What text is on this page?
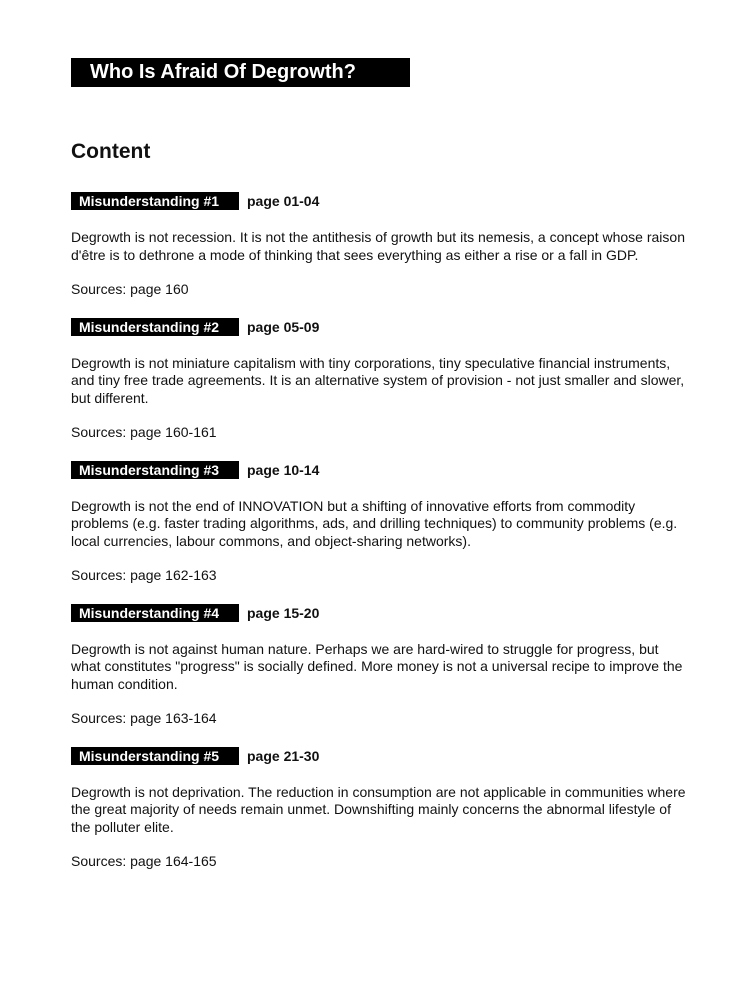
Who Is Afraid Of Degrowth?
Content
Misunderstanding #1 page 01-04

Degrowth is not recession. It is not the antithesis of growth but its nemesis, a concept whose raison d'être is to dethrone a mode of thinking that sees everything as either a rise or a fall in GDP.

Sources: page 160

Misunderstanding #2 page 05-09

Degrowth is not miniature capitalism with tiny corporations, tiny speculative financial instruments, and tiny free trade agreements. It is an alternative system of provision - not just smaller and slower, but different.

Sources: page 160-161

Misunderstanding #3 page 10-14

Degrowth is not the end of INNOVATION but a shifting of innovative efforts from commodity problems (e.g. faster trading algorithms, ads, and drilling techniques) to community problems (e.g. local currencies, labour commons, and object-sharing networks).

Sources: page 162-163

Misunderstanding #4 page 15-20

Degrowth is not against human nature. Perhaps we are hard-wired to struggle for progress, but what constitutes "progress" is socially defined. More money is not a universal recipe to improve the human condition.

Sources: page 163-164

Misunderstanding #5 page 21-30

Degrowth is not deprivation. The reduction in consumption are not applicable in communities where the great majority of needs remain unmet. Downshifting mainly concerns the abnormal lifestyle of the polluter elite.

Sources: page 164-165
